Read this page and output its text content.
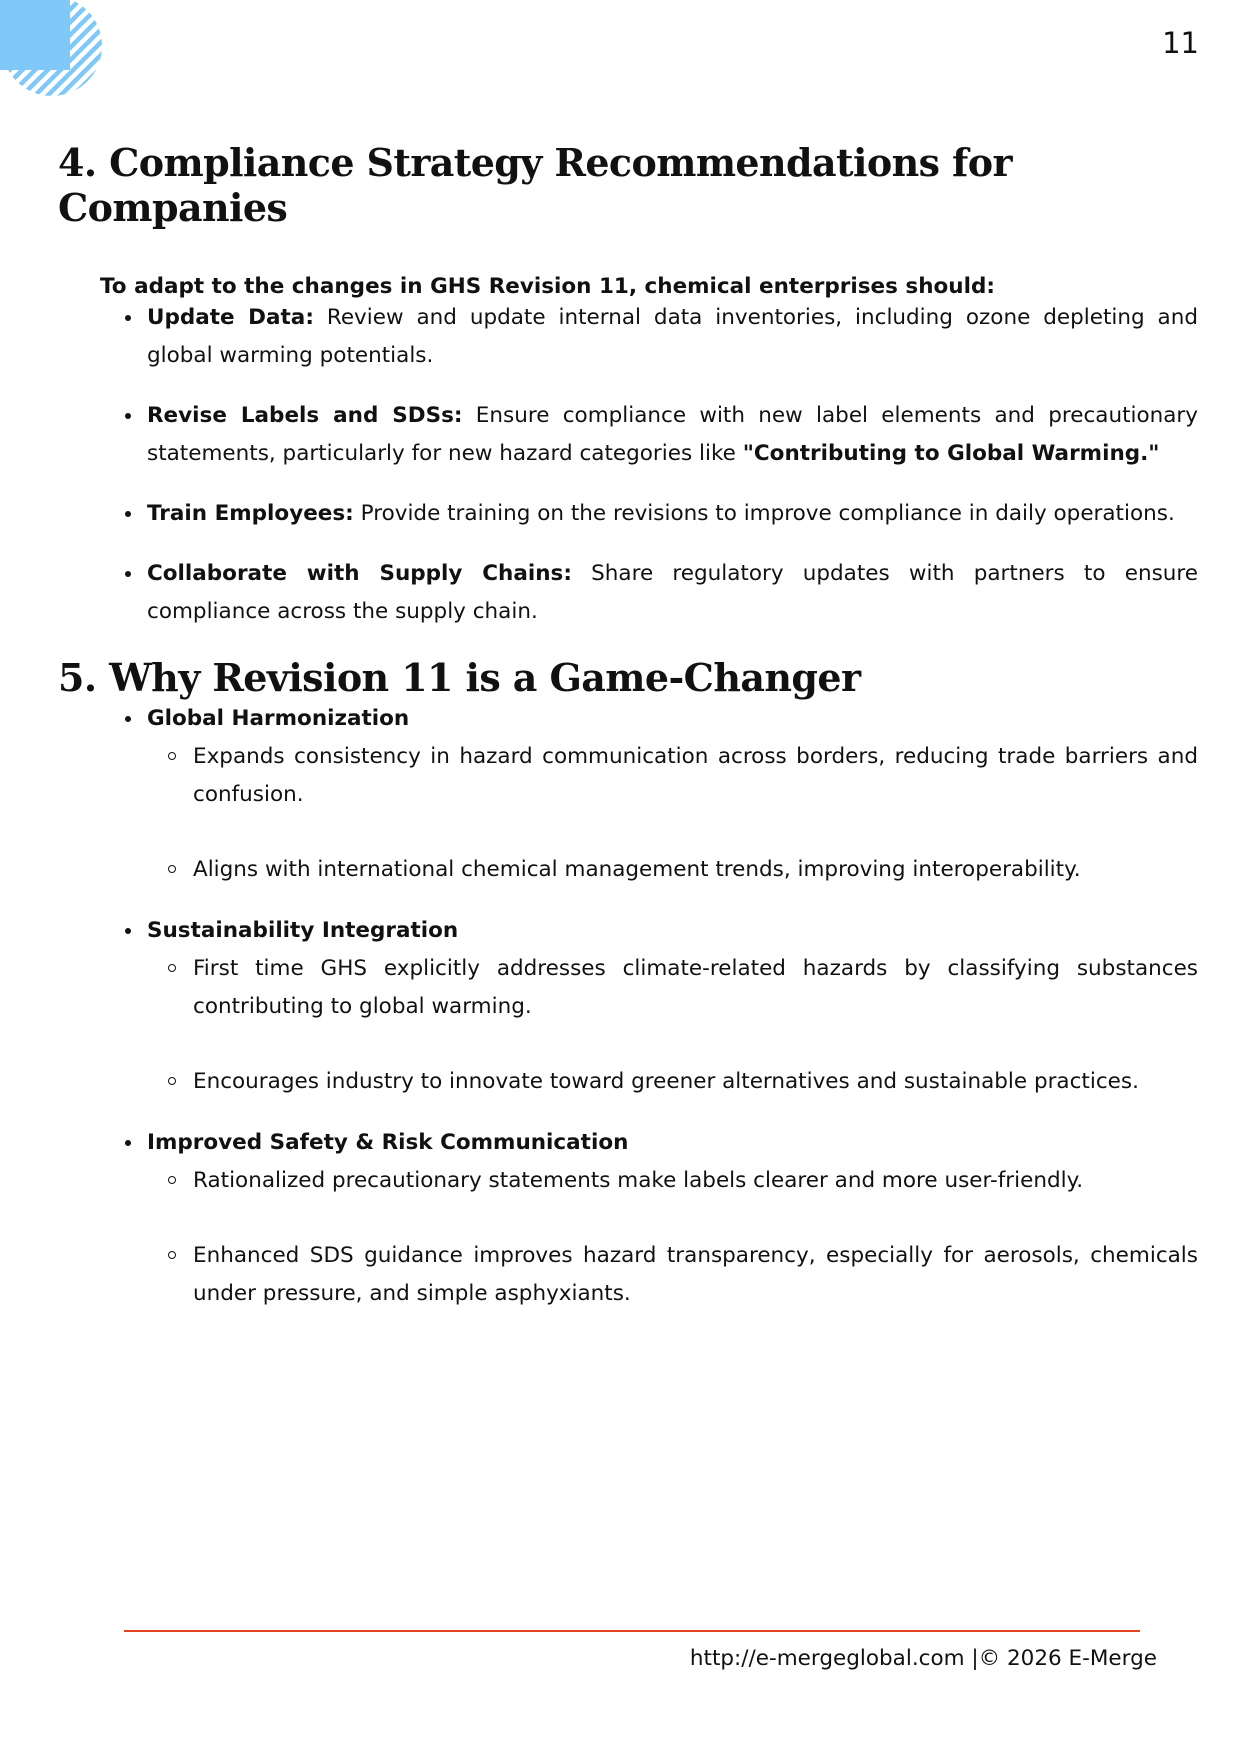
11
4. Compliance Strategy Recommendations for Companies
To adapt to the changes in GHS Revision 11, chemical enterprises should:
Update Data: Review and update internal data inventories, including ozone depleting and global warming potentials.
Revise Labels and SDSs: Ensure compliance with new label elements and precautionary statements, particularly for new hazard categories like "Contributing to Global Warming."
Train Employees: Provide training on the revisions to improve compliance in daily operations.
Collaborate with Supply Chains: Share regulatory updates with partners to ensure compliance across the supply chain.
5. Why Revision 11 is a Game-Changer
Global Harmonization
Expands consistency in hazard communication across borders, reducing trade barriers and confusion.
Aligns with international chemical management trends, improving interoperability.
Sustainability Integration
First time GHS explicitly addresses climate-related hazards by classifying substances contributing to global warming.
Encourages industry to innovate toward greener alternatives and sustainable practices.
Improved Safety & Risk Communication
Rationalized precautionary statements make labels clearer and more user-friendly.
Enhanced SDS guidance improves hazard transparency, especially for aerosols, chemicals under pressure, and simple asphyxiants.
http://e-mergeglobal.com |© 2026 E-Merge
